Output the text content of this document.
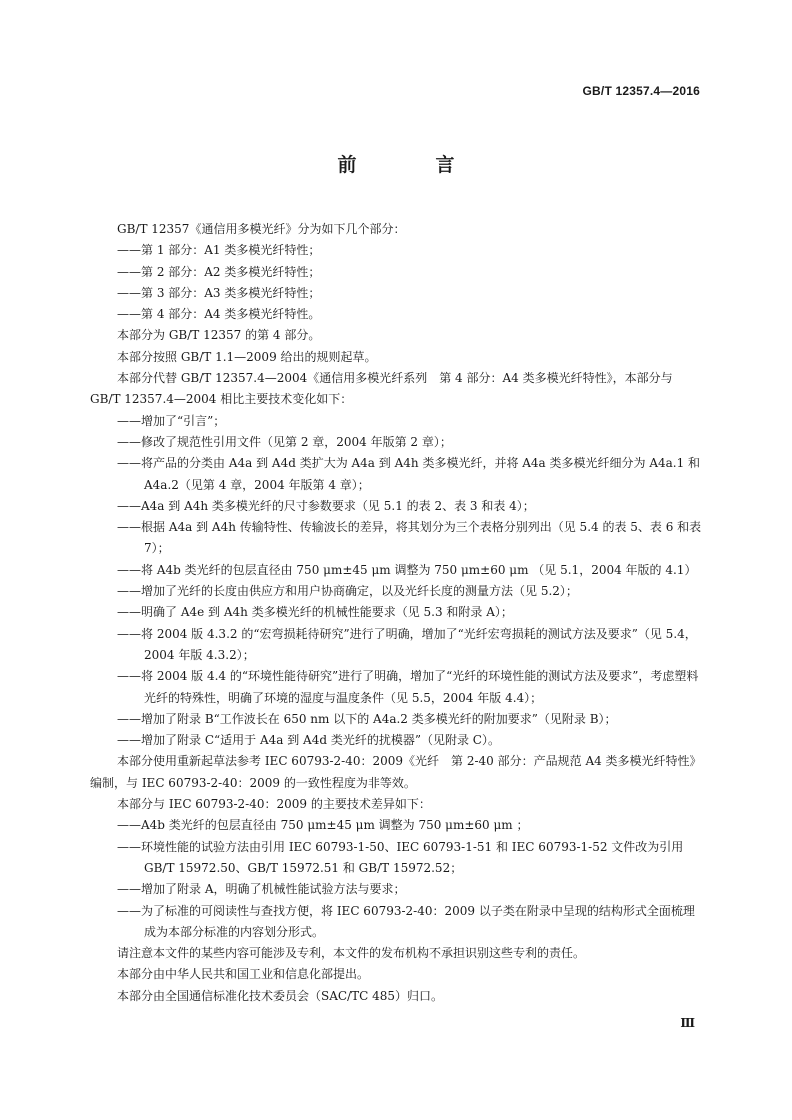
GB/T 12357.4—2016
前　言

GB/T 12357《通信用多模光纤》分为如下几个部分：

——第 1 部分：A1 类多模光纤特性；

——第 2 部分：A2 类多模光纤特性；

——第 3 部分：A3 类多模光纤特性；

——第 4 部分：A4 类多模光纤特性。

本部分为 GB/T 12357 的第 4 部分。

本部分按照 GB/T 1.1—2009 给出的规则起草。

本部分代替 GB/T 12357.4—2004《通信用多模光纤系列　第 4 部分：A4 类多模光纤特性》，本部分与 GB/T 12357.4—2004 相比主要技术变化如下：

——增加了“引言”；

——修改了规范性引用文件（见第 2 章，2004 年版第 2 章）；

——将产品的分类由 A4a 到 A4d 类扩大为 A4a 到 A4h 类多模光纤，并将 A4a 类多模光纤细分为 A4a.1 和 A4a.2（见第 4 章，2004 年版第 4 章）；

——A4a 到 A4h 类多模光纤的尺寸参数要求（见 5.1 的表 2、表 3 和表 4）；

——根据 A4a 到 A4h 传输特性、传输波长的差异，将其划分为三个表格分别列出（见 5.4 的表 5、表 6 和表 7）；

——将 A4b 类光纤的包层直径由 750 μm±45 μm 调整为 750 μm±60 μm （见 5.1，2004 年版的 4.1）

——增加了光纤的长度由供应方和用户协商确定，以及光纤长度的测量方法（见 5.2）；

——明确了 A4e 到 A4h 类多模光纤的机械性能要求（见 5.3 和附录 A）；

——将 2004 版 4.3.2 的“宏弯损耗待研究”进行了明确，增加了“光纤宏弯损耗的测试方法及要求”（见 5.4，2004 年版 4.3.2）；

——将 2004 版 4.4 的“环境性能待研究”进行了明确，增加了“光纤的环境性能的测试方法及要求”，考虑塑料光纤的特殊性，明确了环境的湿度与温度条件（见 5.5，2004 年版 4.4）；

——增加了附录 B“工作波长在 650 nm 以下的 A4a.2 类多模光纤的附加要求”（见附录 B）；

——增加了附录 C“适用于 A4a 到 A4d 类光纤的扰模器”（见附录 C）。

本部分使用重新起草法参考 IEC 60793-2-40：2009《光纤　第 2-40 部分：产品规范 A4 类多模光纤特性》编制，与 IEC 60793-2-40：2009 的一致性程度为非等效。

本部分与 IEC 60793-2-40：2009 的主要技术差异如下：

——A4b 类光纤的包层直径由 750 μm±45 μm 调整为 750 μm±60 μm ；

——环境性能的试验方法由引用 IEC 60793-1-50、IEC 60793-1-51 和 IEC 60793-1-52 文件改为引用 GB/T 15972.50、GB/T 15972.51 和 GB/T 15972.52；

——增加了附录 A，明确了机械性能试验方法与要求；

——为了标准的可阅读性与查找方便，将 IEC 60793-2-40：2009 以子类在附录中呈现的结构形式全面梳理成为本部分标准的内容划分形式。

请注意本文件的某些内容可能涉及专利，本文件的发布机构不承担识别这些专利的责任。

本部分由中华人民共和国工业和信息化部提出。

本部分由全国通信标准化技术委员会（SAC/TC 485）归口。

Ⅲ
